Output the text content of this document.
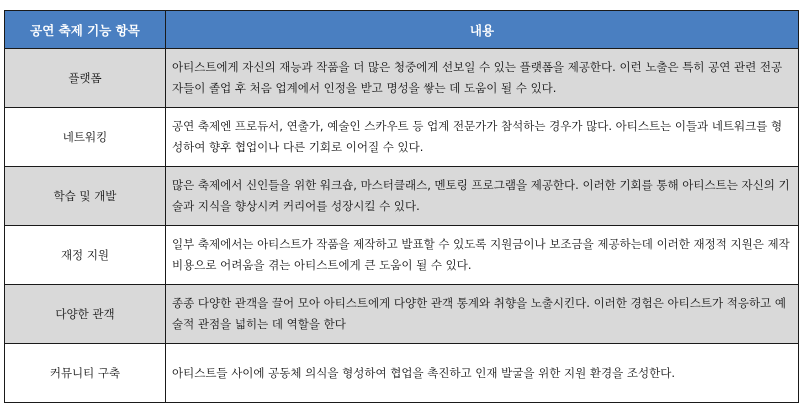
공연 축제 기능 항목	내용
플랫폼	아티스트에게 자신의 재능과 작품을 더 많은 청중에게 선보일 수 있는 플랫폼을 제공한다. 이런 노출은 특히 공연 관련 전공자들이 졸업 후 처음 업계에서 인정을 받고 명성을 쌓는 데 도움이 될 수 있다.
네트워킹	공연 축제엔 프로듀서, 연출가, 예술인 스카우트 등 업계 전문가가 참석하는 경우가 많다. 아티스트는 이들과 네트워크를 형성하여 향후 협업이나 다른 기회로 이어질 수 있다.
학습 및 개발	많은 축제에서 신인들을 위한 워크숍, 마스터클래스, 멘토링 프로그램을 제공한다. 이러한 기회를 통해 아티스트는 자신의 기술과 지식을 향상시켜 커리어를 성장시킬 수 있다.
재정 지원	일부 축제에서는 아티스트가 작품을 제작하고 발표할 수 있도록 지원금이나 보조금을 제공하는데 이러한 재정적 지원은 제작 비용으로 어려움을 겪는 아티스트에게 큰 도움이 될 수 있다.
다양한 관객	종종 다양한 관객을 끌어 모아 아티스트에게 다양한 관객 통계와 취향을 노출시킨다. 이러한 경험은 아티스트가 적응하고 예술적 관점을 넓히는 데 역할을 한다
커뮤니티 구축	아티스트들 사이에 공동체 의식을 형성하여 협업을 촉진하고 인재 발굴을 위한 지원 환경을 조성한다.
